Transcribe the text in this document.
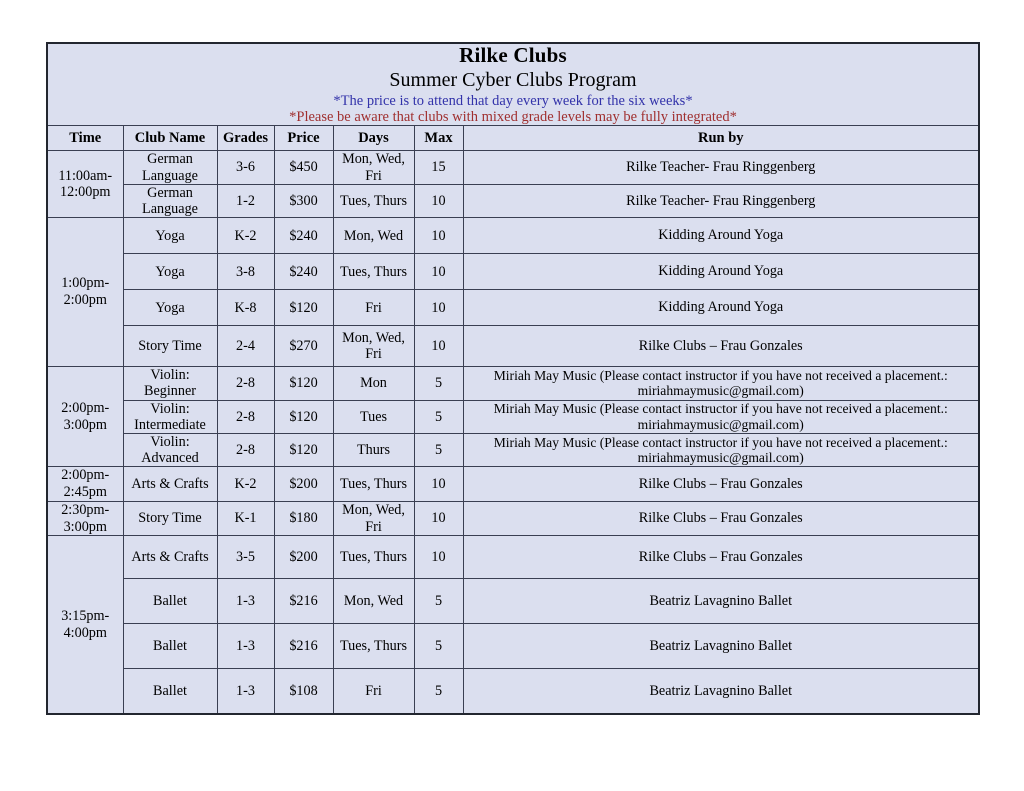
Rilke Clubs
Summer Cyber Clubs Program
*The price is to attend that day every week for the six weeks*
*Please be aware that clubs with mixed grade levels may be fully integrated*						

Time	Club Name	Grades	Price	Days	Max	Run by
11:00am-12:00pm	German Language	3-6	$450	Mon, Wed, Fri	15	Rilke Teacher- Frau Ringgenberg
	German Language	1-2	$300	Tues, Thurs	10	Rilke Teacher- Frau Ringgenberg
1:00pm-2:00pm	Yoga	K-2	$240	Mon, Wed	10	Kidding Around Yoga
	Yoga	3-8	$240	Tues, Thurs	10	Kidding Around Yoga
	Yoga	K-8	$120	Fri	10	Kidding Around Yoga
	Story Time	2-4	$270	Mon, Wed, Fri	10	Rilke Clubs – Frau Gonzales
2:00pm-3:00pm	Violin: Beginner	2-8	$120	Mon	5	Miriah May Music (Please contact instructor if you have not received a placement.: miriahmaymusic@gmail.com)
	Violin: Intermediate	2-8	$120	Tues	5	Miriah May Music (Please contact instructor if you have not received a placement.: miriahmaymusic@gmail.com)
	Violin: Advanced	2-8	$120	Thurs	5	Miriah May Music (Please contact instructor if you have not received a placement.: miriahmaymusic@gmail.com)
2:00pm-2:45pm	Arts & Crafts	K-2	$200	Tues, Thurs	10	Rilke Clubs – Frau Gonzales
2:30pm-3:00pm	Story Time	K-1	$180	Mon, Wed, Fri	10	Rilke Clubs – Frau Gonzales
3:15pm-4:00pm	Arts & Crafts	3-5	$200	Tues, Thurs	10	Rilke Clubs – Frau Gonzales
	Ballet	1-3	$216	Mon, Wed	5	Beatriz Lavagnino Ballet
	Ballet	1-3	$216	Tues, Thurs	5	Beatriz Lavagnino Ballet
	Ballet	1-3	$108	Fri	5	Beatriz Lavagnino Ballet
